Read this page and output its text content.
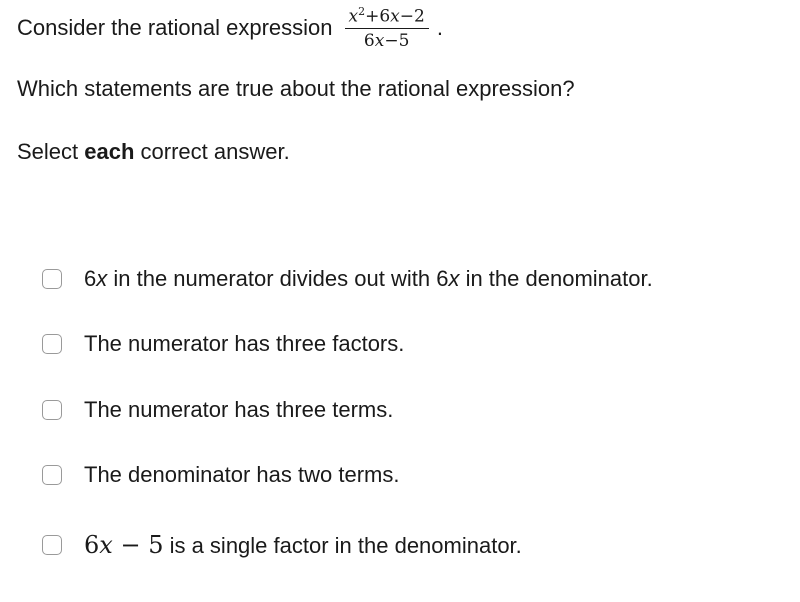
Consider the rational expression $\frac{x^2+6x-2}{6x-5}$ .
Which statements are true about the rational expression?
Select each correct answer.
6x in the numerator divides out with 6x in the denominator.
The numerator has three factors.
The numerator has three terms.
The denominator has two terms.
6x − 5 is a single factor in the denominator.
